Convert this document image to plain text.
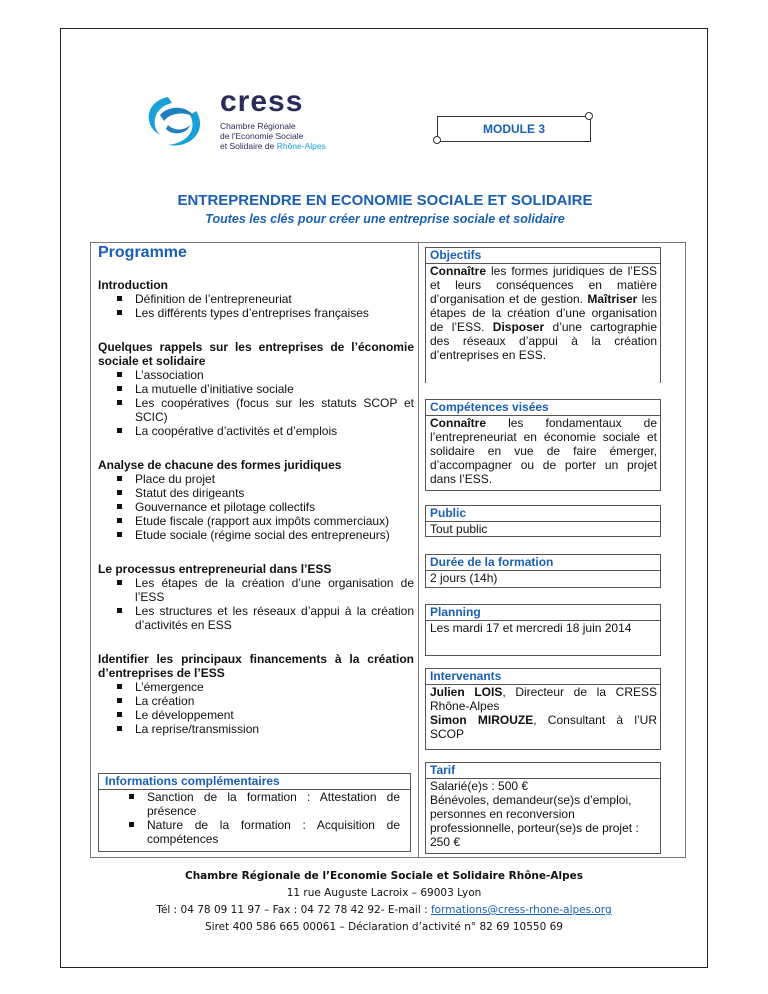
cress
Chambre Régionale
de l'Economie Sociale
et Solidaire de Rhône-Alpes
MODULE 3
ENTREPRENDRE EN ECONOMIE SOCIALE ET SOLIDAIRE
Toutes les clés pour créer une entreprise sociale et solidaire
Programme
Introduction
Définition de l’entrepreneuriat
Les différents types d’entreprises françaises
Quelques rappels sur les entreprises de l’économie sociale et solidaire
L’association
La mutuelle d’initiative sociale
Les coopératives (focus sur les statuts SCOP et SCIC)
La coopérative d’activités et d’emplois
Analyse de chacune des formes juridiques
Place du projet
Statut des dirigeants
Gouvernance et pilotage collectifs
Etude fiscale (rapport aux impôts commerciaux)
Etude sociale (régime social des entrepreneurs)
Le processus entrepreneurial dans l’ESS
Les étapes de la création d’une organisation de l’ESS
Les structures et les réseaux d’appui à la création d’activités en ESS
Identifier les principaux financements à la création d’entreprises de l’ESS
L’émergence
La création
Le développement
La reprise/transmission
Informations complémentaires
Sanction de la formation : Attestation de présence
Nature de la formation : Acquisition de compétences
Objectifs
Connaître les formes juridiques de l’ESS et leurs conséquences en matière d’organisation et de gestion. Maîtriser les étapes de la création d’une organisation de l’ESS. Disposer d’une cartographie des réseaux d’appui à la création d’entreprises en ESS.
Compétences visées
Connaître les fondamentaux de l’entrepreneuriat en économie sociale et solidaire en vue de faire émerger, d’accompagner ou de porter un projet dans l’ESS.
Public
Tout public
Durée de la formation
2 jours (14h)
Planning
Les mardi 17 et mercredi 18 juin 2014
Intervenants
Julien LOIS, Directeur de la CRESS Rhône-Alpes
Simon MIROUZE, Consultant à l’UR SCOP
Tarif
Salarié(e)s : 500 €
Bénévoles, demandeur(se)s d’emploi, personnes en reconversion professionnelle, porteur(se)s de projet : 250 €
Chambre Régionale de l’Economie Sociale et Solidaire Rhône-Alpes
11 rue Auguste Lacroix – 69003 Lyon
Tél : 04 78 09 11 97 – Fax : 04 72 78 42 92- E-mail : formations@cress-rhone-alpes.org
Siret 400 586 665 00061 – Déclaration d’activité n° 82 69 10550 69
